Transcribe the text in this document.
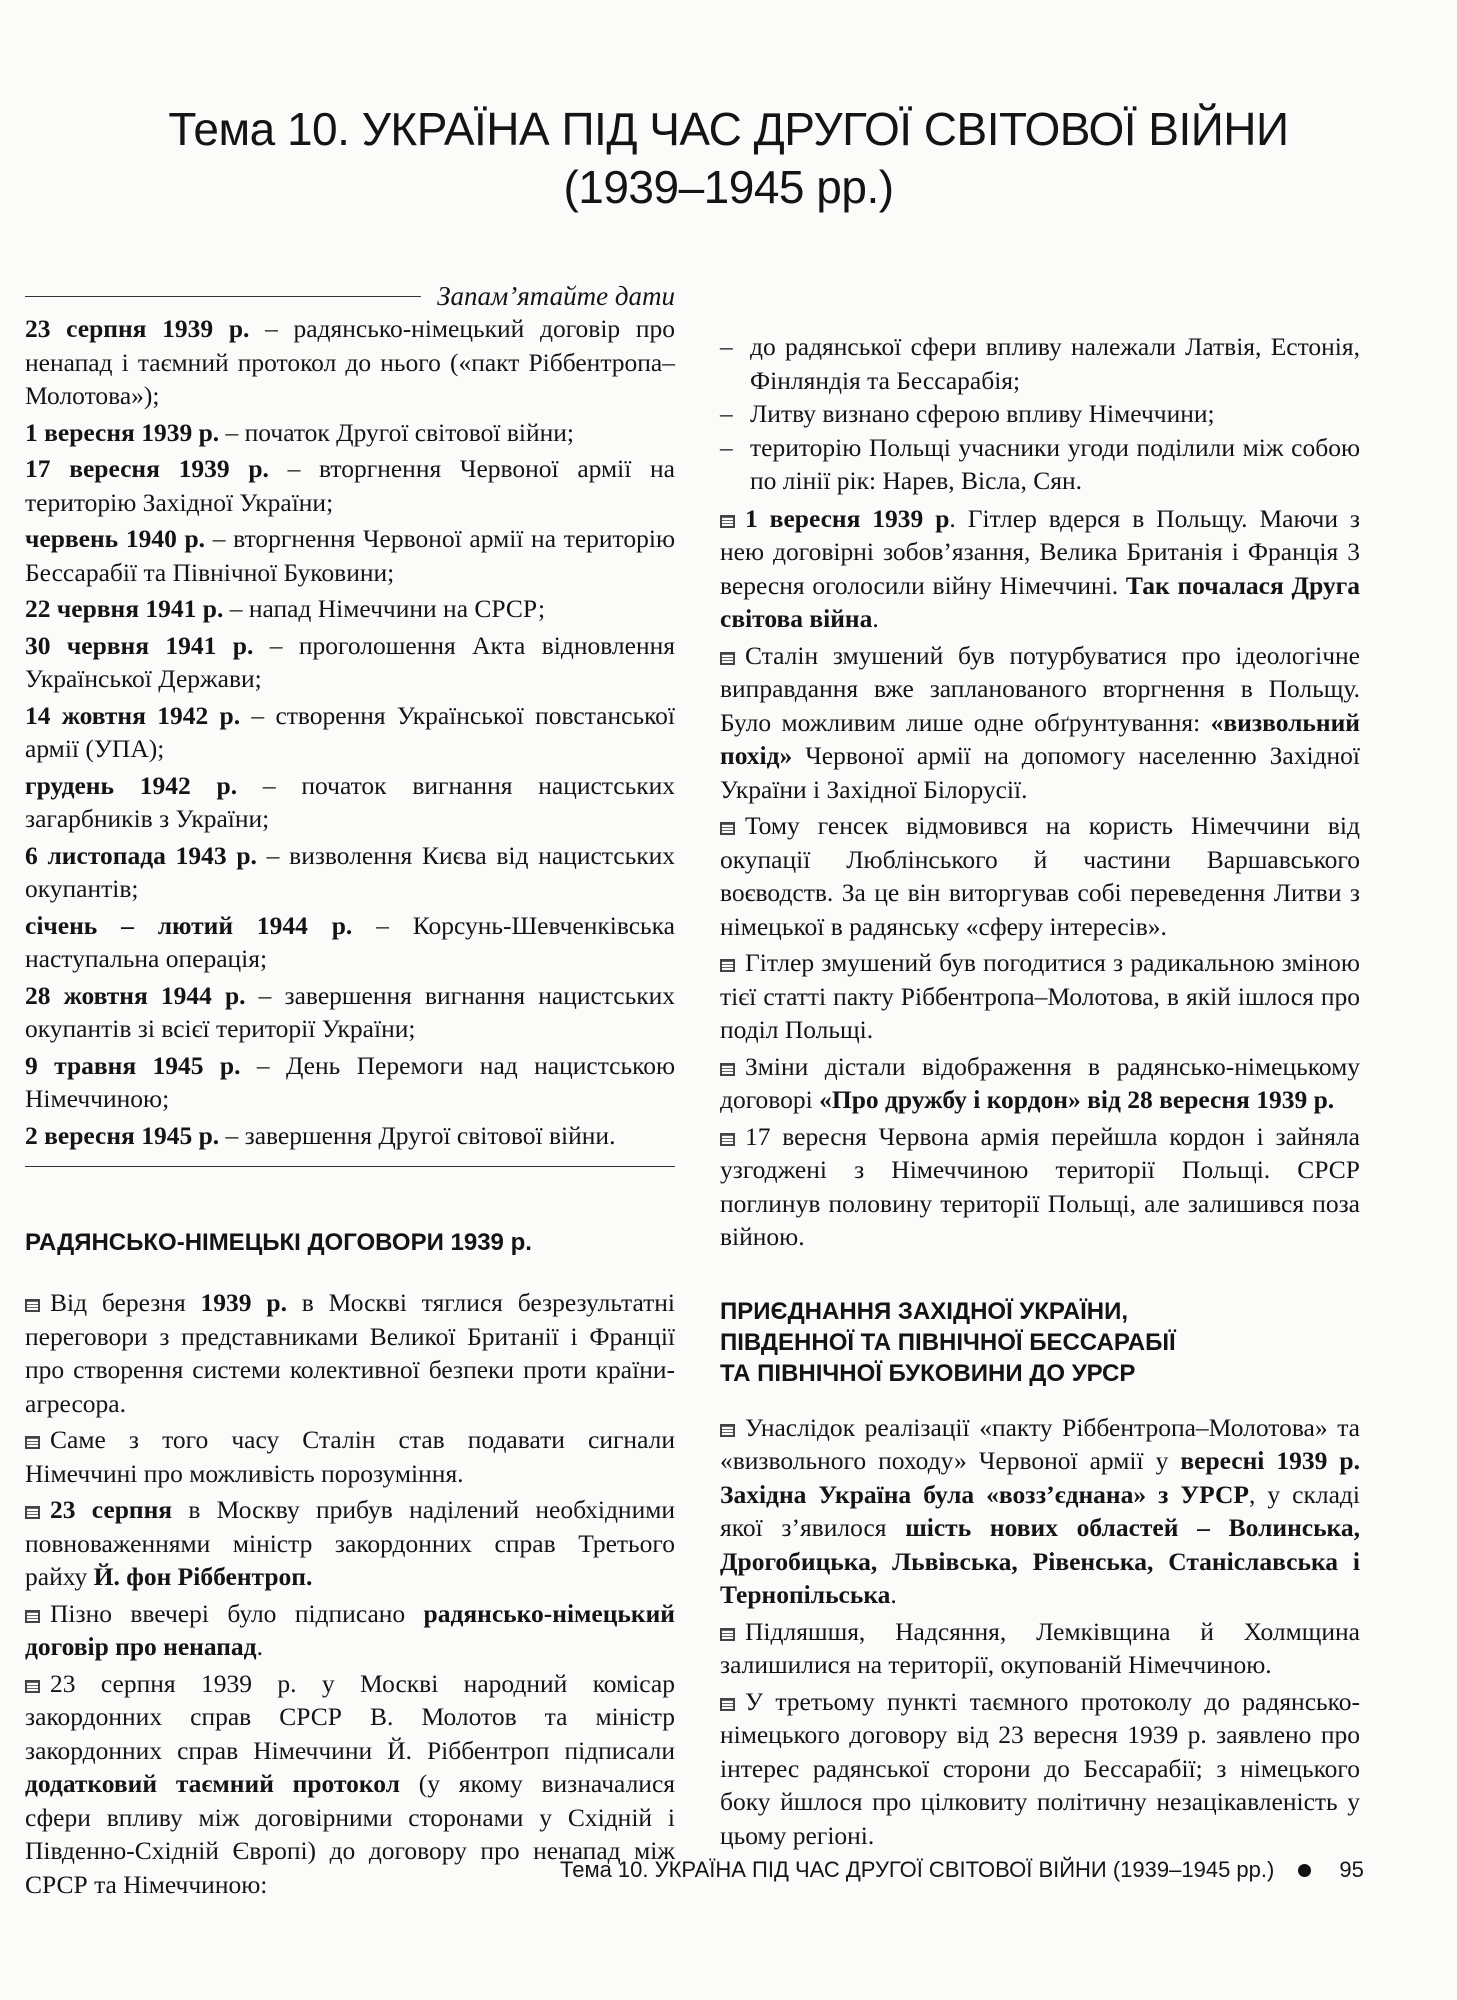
Тема 10. УКРАЇНА ПІД ЧАС ДРУГОЇ СВІТОВОЇ ВІЙНИ
(1939–1945 рр.)
Запам’ятайте дати
23 серпня 1939 р. – радянсько-німецький договір про ненапад і таємний протокол до нього («пакт Ріббентропа–Молотова»);
1 вересня 1939 р. – початок Другої світової війни;
17 вересня 1939 р. – вторгнення Червоної армії на територію Західної України;
червень 1940 р. – вторгнення Червоної армії на територію Бессарабії та Північної Буковини;
22 червня 1941 р. – напад Німеччини на СРСР;
30 червня 1941 р. – проголошення Акта відновлення Української Держави;
14 жовтня 1942 р. – створення Української повстанської армії (УПА);
грудень 1942 р. – початок вигнання нацистських загарбників з України;
6 листопада 1943 р. – визволення Києва від нацистських окупантів;
січень – лютий 1944 р. – Корсунь-Шевченківська наступальна операція;
28 жовтня 1944 р. – завершення вигнання нацистських окупантів зі всієї території України;
9 травня 1945 р. – День Перемоги над нацистською Німеччиною;
2 вересня 1945 р. – завершення Другої світової війни.
РАДЯНСЬКО-НІМЕЦЬКІ ДОГОВОРИ 1939 р.
Від березня 1939 р. в Москві тяглися безрезультатні переговори з представниками Великої Британії і Франції про створення системи колективної безпеки проти країни-агресора.
Саме з того часу Сталін став подавати сигнали Німеччині про можливість порозуміння.
23 серпня в Москву прибув наділений необхідними повноваженнями міністр закордонних справ Третього райху Й. фон Ріббентроп.
Пізно ввечері було підписано радянсько-німецький договір про ненапад.
23 серпня 1939 р. у Москві народний комісар закордонних справ СРСР В. Молотов та міністр закордонних справ Німеччини Й. Ріббентроп підписали додатковий таємний протокол (у якому визначалися сфери впливу між договірними сторонами у Східній і Південно-Східній Європі) до договору про ненапад між СРСР та Німеччиною:
– до радянської сфери впливу належали Латвія, Естонія, Фінляндія та Бессарабія;
– Литву визнано сферою впливу Німеччини;
– територію Польщі учасники угоди поділили між собою по лінії рік: Нарев, Вісла, Сян.
1 вересня 1939 р. Гітлер вдерся в Польщу. Маючи з нею договірні зобов’язання, Велика Британія і Франція 3 вересня оголосили війну Німеччині. Так почалася Друга світова війна.
Сталін змушений був потурбуватися про ідеологічне виправдання вже запланованого вторгнення в Польщу. Було можливим лише одне обґрунтування: «визвольний похід» Червоної армії на допомогу населенню Західної України і Західної Білорусії.
Тому генсек відмовився на користь Німеччини від окупації Люблінського й частини Варшавського воєводств. За це він виторгував собі переведення Литви з німецької в радянську «сферу інтересів».
Гітлер змушений був погодитися з радикальною зміною тієї статті пакту Ріббентропа–Молотова, в якій ішлося про поділ Польщі.
Зміни дістали відображення в радянсько-німецькому договорі «Про дружбу і кордон» від 28 вересня 1939 р.
17 вересня Червона армія перейшла кордон і зайняла узгоджені з Німеччиною території Польщі. СРСР поглинув половину території Польщі, але залишився поза війною.
ПРИЄДНАННЯ ЗАХІДНОЇ УКРАЇНИ,
ПІВДЕННОЇ ТА ПІВНІЧНОЇ БЕССАРАБІЇ
ТА ПІВНІЧНОЇ БУКОВИНИ ДО УРСР
Унаслідок реалізації «пакту Ріббентропа–Молотова» та «визвольного походу» Червоної армії у вересні 1939 р. Західна Україна була «возз’єднана» з УРСР, у складі якої з’явилося шість нових областей – Волинська, Дрогобицька, Львівська, Рівенська, Станіславська і Тернопільська.
Підляшшя, Надсяння, Лемківщина й Холмщина залишилися на території, окупованій Німеччиною.
У третьому пункті таємного протоколу до радянсько-німецького договору від 23 вересня 1939 р. заявлено про інтерес радянської сторони до Бессарабії; з німецького боку йшлося про цілковиту політичну незацікавленість у цьому регіоні.
Тема 10. УКРАЇНА ПІД ЧАС ДРУГОЇ СВІТОВОЇ ВІЙНИ (1939–1945 рр.)	95
